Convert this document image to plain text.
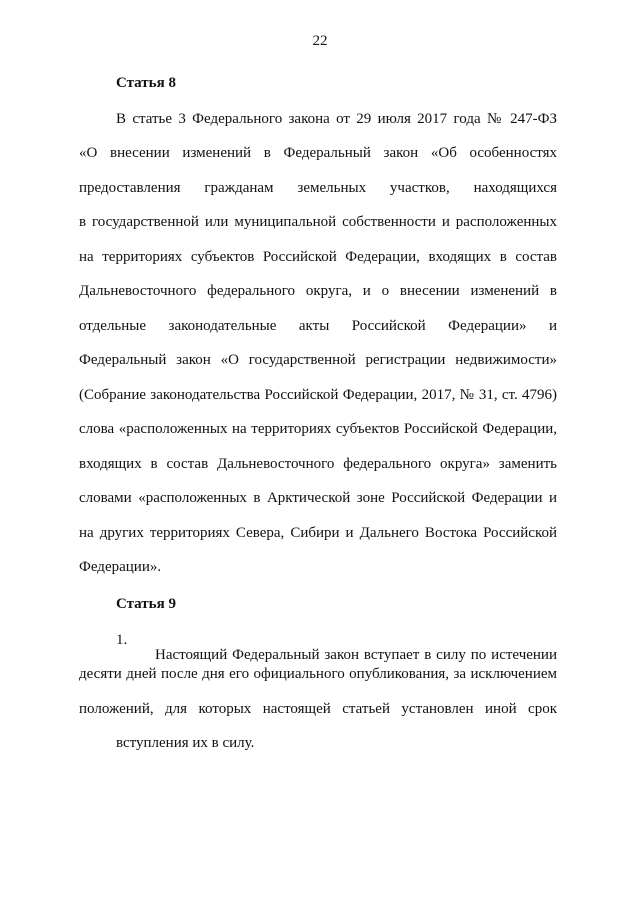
22
Статья 8

В статье 3 Федерального закона от 29 июля 2017 года № 247-ФЗ

«О внесении изменений в Федеральный закон «Об особенностях

предоставления гражданам земельных участков, находящихся

в государственной или муниципальной собственности и расположенных

на территориях субъектов Российской Федерации, входящих в состав

Дальневосточного федерального округа, и о внесении изменений в

отдельные законодательные акты Российской Федерации» и

Федеральный закон «О государственной регистрации недвижимости»

(Собрание законодательства Российской Федерации, 2017, № 31, ст. 4796)

слова «расположенных на территориях субъектов Российской Федерации,

входящих в состав Дальневосточного федерального округа» заменить

словами «расположенных в Арктической зоне Российской Федерации и

на других территориях Севера, Сибири и Дальнего Востока Российской

Федерации».

Статья 9
1.

Настоящий Федеральный закон вступает в силу по истечении

десяти дней после дня его официального опубликования, за исключением

положений, для которых настоящей статьей установлен иной срок

вступления их в силу.
